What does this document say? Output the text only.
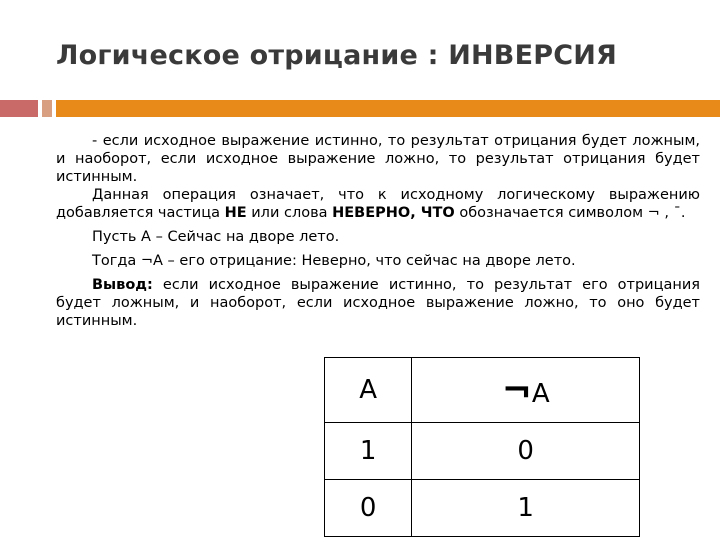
Логическое отрицание : ИНВЕРСИЯ

- если исходное выражение истинно, то результат отрицания будет ложным, и наоборот, если исходное выражение ложно, то результат отрицания будет истинным.

Данная операция означает, что к исходному логическому выражению добавляется частица НЕ или слова НЕВЕРНО, ЧТО обозначается символом ¬ , ¯.

Пусть А – Сейчас на дворе лето.

Тогда ¬А – его отрицание: Неверно, что сейчас на дворе лето.

Вывод: если исходное выражение истинно, то результат его отрицания будет ложным, и наоборот, если исходное выражение ложно, то оно будет истинным.

А	¬А
1	0
0	1
